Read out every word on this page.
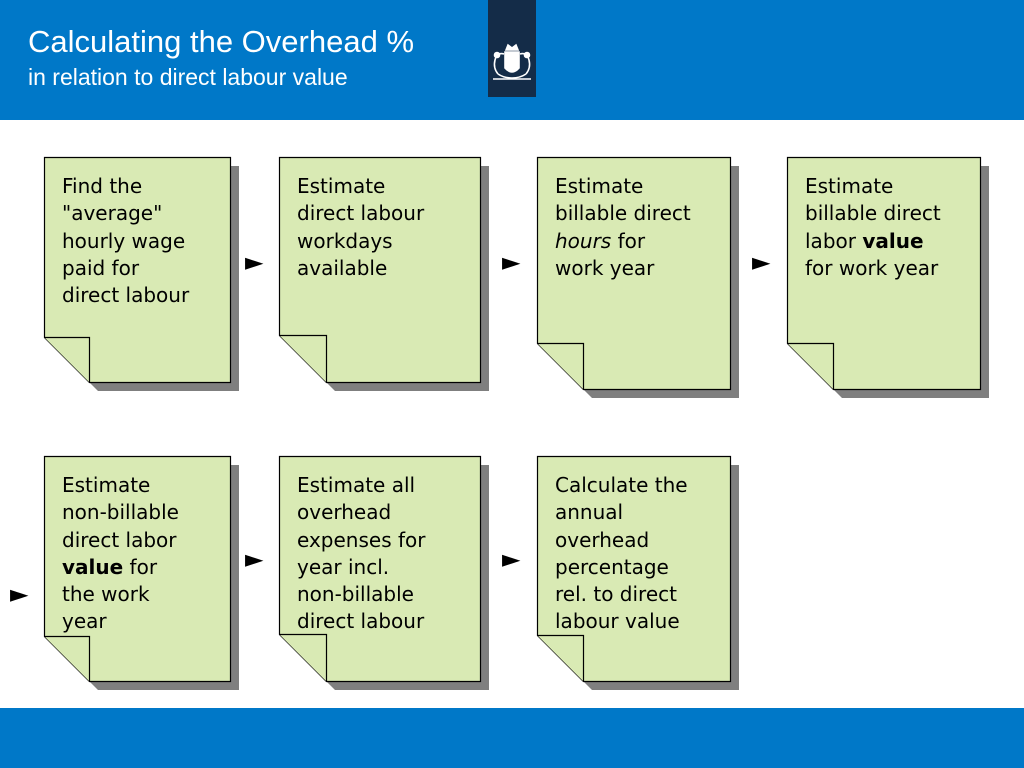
Calculating the Overhead %
in relation to direct labour value
Find the
"average"
hourly wage
paid for
direct labour
Estimate
direct labour
workdays
available
Estimate
billable direct
hours for
work year
Estimate
billable direct
labor value
for work year
Estimate
non-billable
direct labor
value for
the work
year
Estimate all
overhead
expenses for
year incl.
non-billable
direct labour
Calculate the
annual
overhead
percentage
rel. to direct
labour value
►	►	►
►
►	►
